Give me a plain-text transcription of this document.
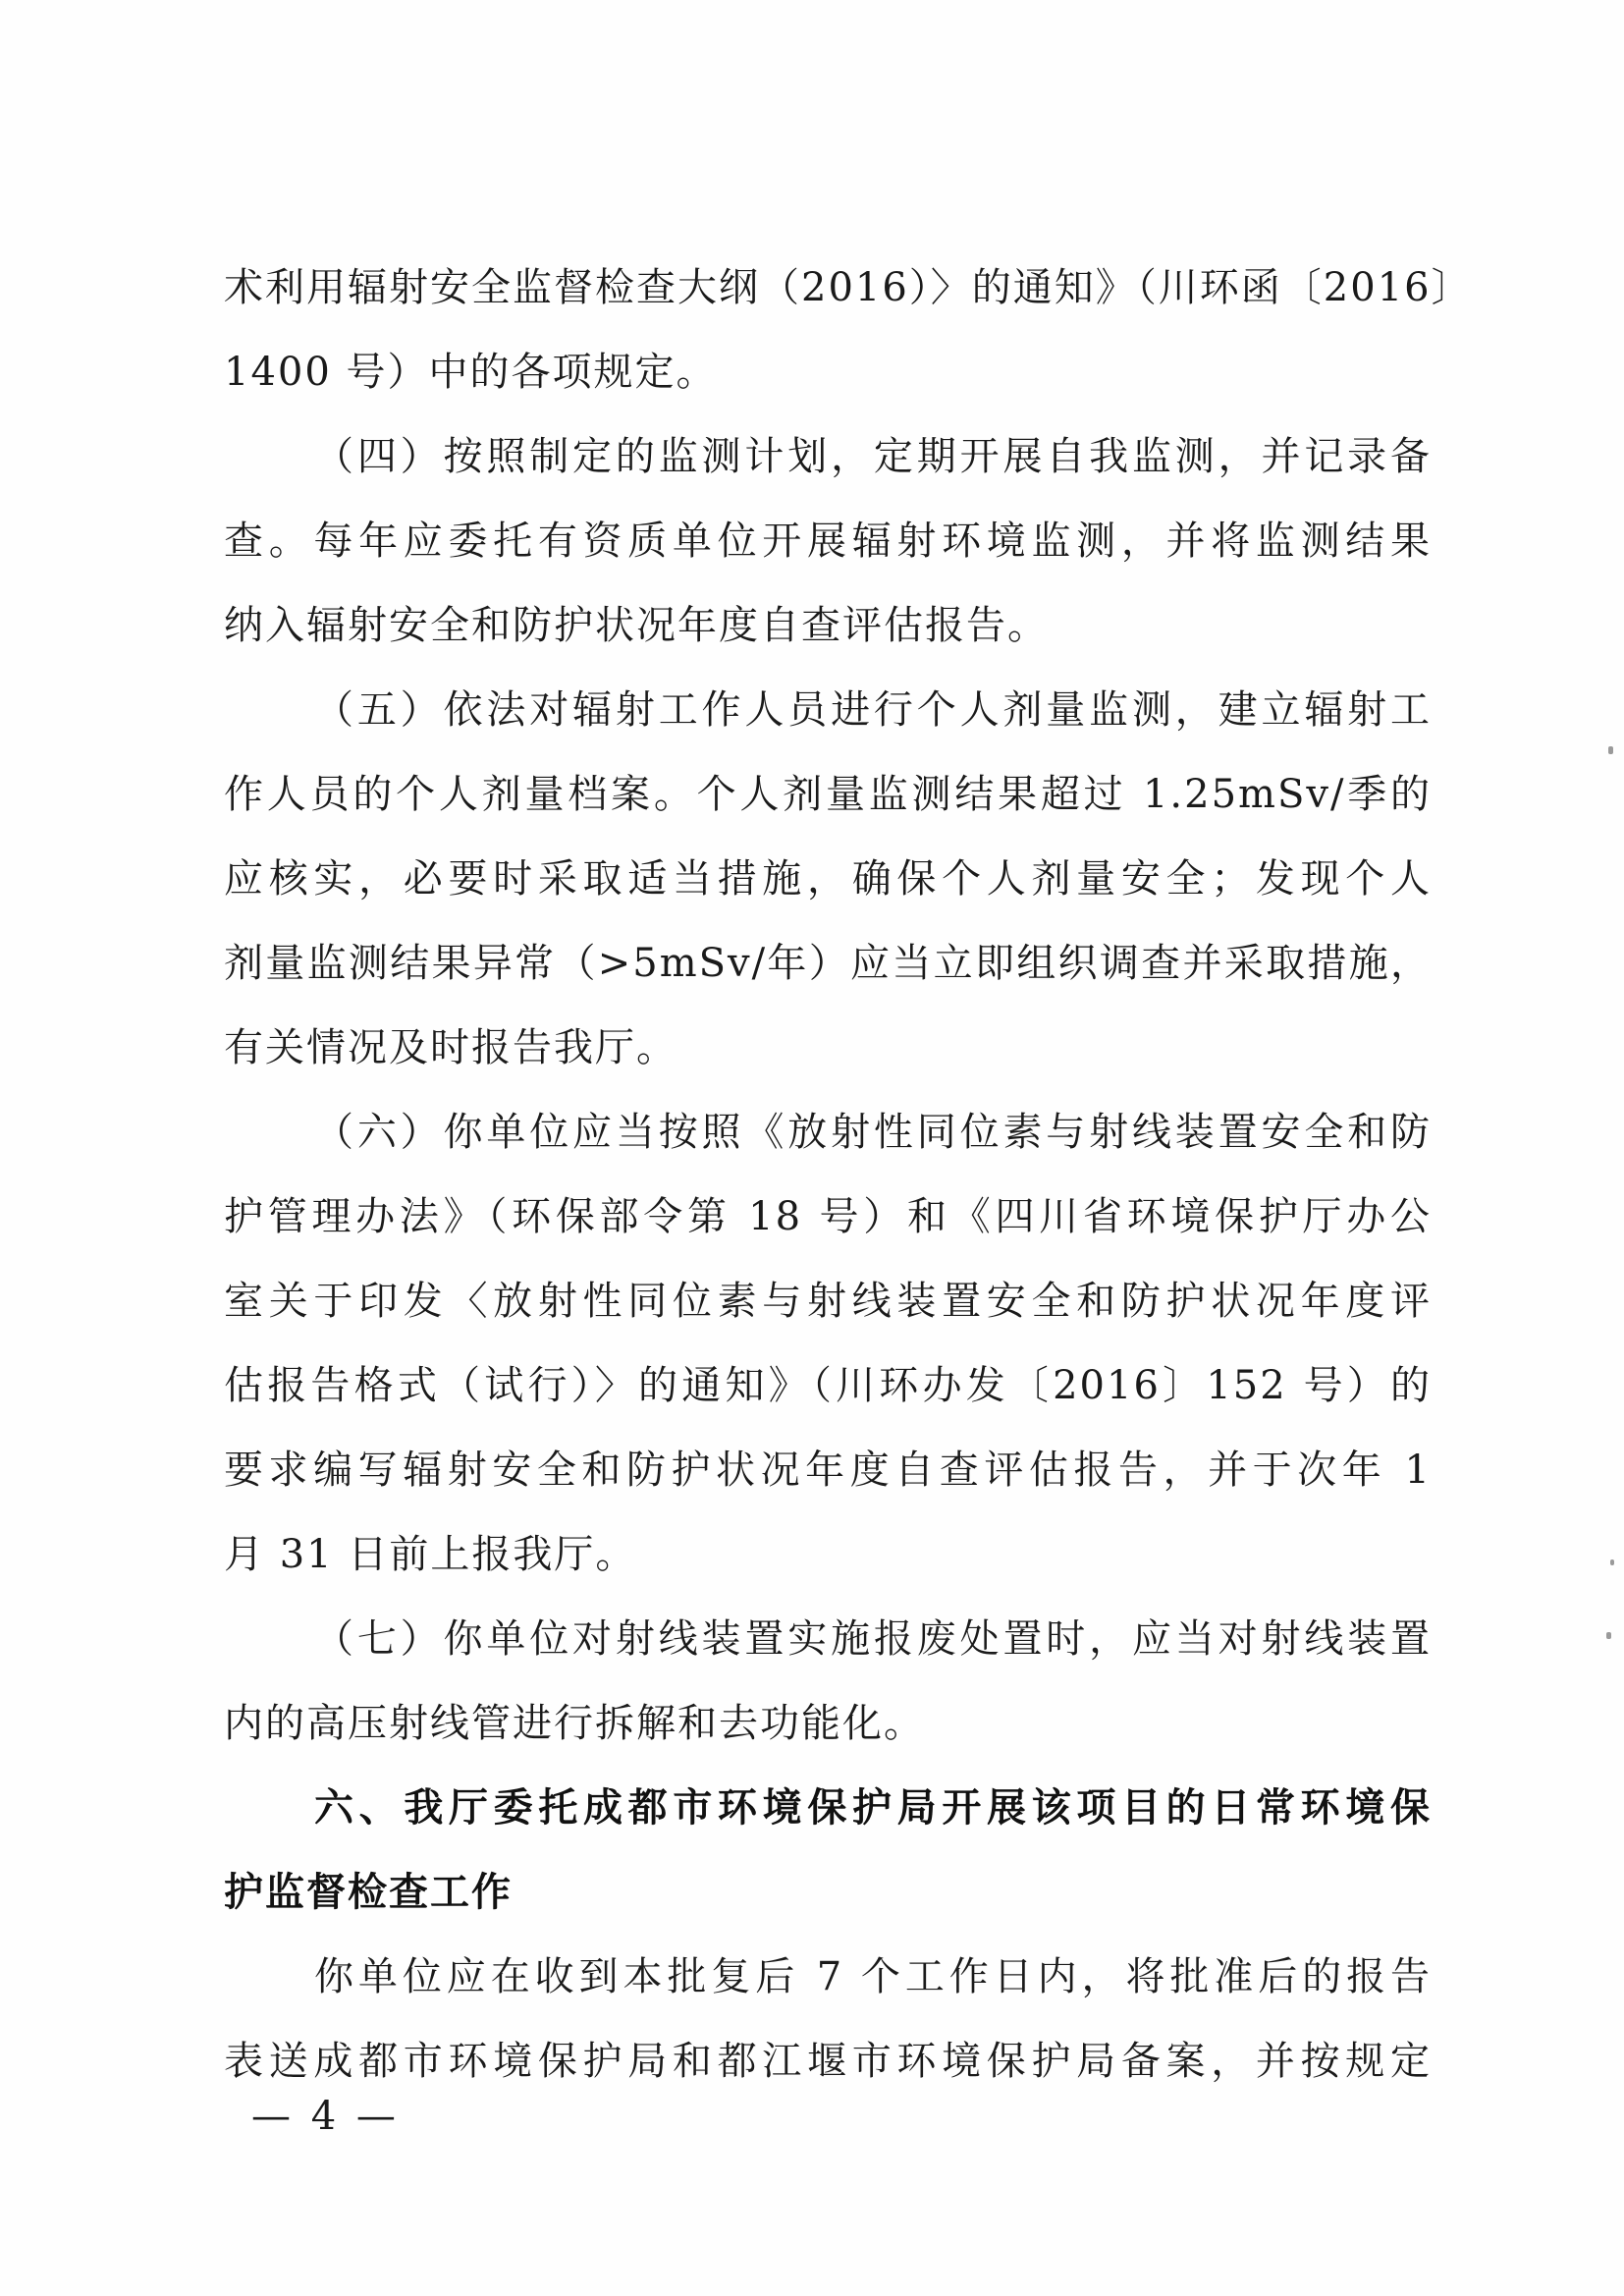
术利用辐射安全监督检查大纲（2016）〉的通知》（川环函〔2016〕
1400 号）中的各项规定。
（四）按照制定的监测计划，定期开展自我监测，并记录备
查。每年应委托有资质单位开展辐射环境监测，并将监测结果
纳入辐射安全和防护状况年度自查评估报告。
（五）依法对辐射工作人员进行个人剂量监测，建立辐射工
作人员的个人剂量档案。个人剂量监测结果超过 1.25mSv/季的
应核实，必要时采取适当措施，确保个人剂量安全；发现个人
剂量监测结果异常（>5mSv/年）应当立即组织调查并采取措施，
有关情况及时报告我厅。
（六）你单位应当按照《放射性同位素与射线装置安全和防
护管理办法》（环保部令第 18 号）和《四川省环境保护厅办公
室关于印发〈放射性同位素与射线装置安全和防护状况年度评
估报告格式（试行）〉的通知》（川环办发〔2016〕152 号）的
要求编写辐射安全和防护状况年度自查评估报告，并于次年 1
月 31 日前上报我厅。
（七）你单位对射线装置实施报废处置时，应当对射线装置
内的高压射线管进行拆解和去功能化。
六、我厅委托成都市环境保护局开展该项目的日常环境保
护监督检查工作
你单位应在收到本批复后 7 个工作日内，将批准后的报告
表送成都市环境保护局和都江堰市环境保护局备案，并按规定
— 4 —
